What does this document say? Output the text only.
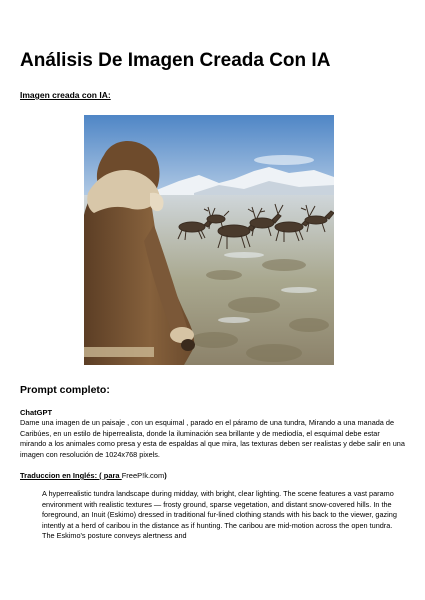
Análisis De Imagen Creada Con IA
Imagen creada con IA:
Prompt completo:
ChatGPT

Dame una imagen de un paisaje , con un esquimal , parado en el páramo de una tundra, Mirando a una manada de Caribúes, en un estilo de hiperrealista, donde la iluminación sea brillante y de mediodía, el esquimal debe estar mirando a los animales como presa y esta de espaldas al que mira, las texturas deben ser realistas y debe salir en una imagen con resolución de 1024x768 pixels.

Traduccion en Inglés: ( para FreeP!k.com)

A hyperrealistic tundra landscape during midday, with bright, clear lighting. The scene features a vast paramo environment with realistic textures — frosty ground, sparse vegetation, and distant snow-covered hills. In the foreground, an Inuit (Eskimo) dressed in traditional fur-lined clothing stands with his back to the viewer, gazing intently at a herd of caribou in the distance as if hunting. The caribou are mid-motion across the open tundra. The Eskimo's posture conveys alertness and
